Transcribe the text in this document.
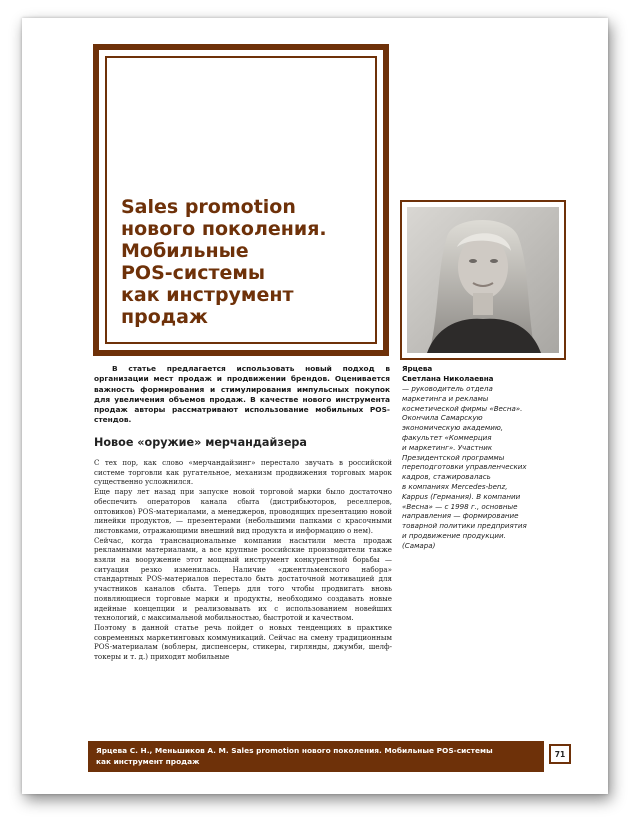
Sales promotion
нового поколения.
Мобильные
POS-системы
как инструмент
продаж

В статье предлагается использовать новый подход в организации мест продаж и продвижении брендов. Оценивается важность формирования и стимулирования импульсных покупок для увеличения объемов продаж. В качестве нового инструмента продаж авторы рассматривают использование мобильных POS-стендов.

Новое «оружие» мерчандайзера

С тех пор, как слово «мерчандайзинг» перестало звучать в российской системе торговли как ругательное, механизм продвижения торговых марок существенно усложнился.

Еще пару лет назад при запуске новой торговой марки было достаточно обеспечить операторов канала сбыта (дистрибьюторов, реселлеров, оптовиков) POS-материалами, а менеджеров, проводящих презентацию новой линейки продуктов, — презентерами (небольшими папками с красочными листовками, отражающими внешний вид продукта и информацию о нем).

Сейчас, когда транснациональные компании насытили места продаж рекламными материалами, а все крупные российские производители также взяли на вооружение этот мощный инструмент конкурентной борьбы — ситуация резко изменилась. Наличие «джентльменского набора» стандартных POS-материалов перестало быть достаточной мотивацией для участников каналов сбыта. Теперь для того чтобы продвигать вновь появляющиеся торговые марки и продукты, необходимо создавать новые идейные концепции и реализовывать их с использованием новейших технологий, с максимальной мобильностью, быстротой и качеством.

Поэтому в данной статье речь пойдет о новых тенденциях в практике современных маркетинговых коммуникаций. Сейчас на смену традиционным POS-материалам (воблеры, диспенсеры, стикеры, гирлянды, джумби, шелф-токеры и т. д.) приходят мобильные

Ярцева
Светлана Николаевна

— руководитель отдела
маркетинга и рекламы
косметической фирмы «Весна».
Окончила Самарскую
экономическую академию,
факультет «Коммерция
и маркетинг». Участник
Президентской программы
переподготовки управленческих
кадров, стажировалась
в компаниях Mercedes-benz,
Kappus (Германия). В компании
«Весна» — с 1998 г., основные
направления — формирование
товарной политики предприятия
и продвижение продукции.
(Самара)
Ярцева С. Н., Меньшиков А. М. Sales promotion нового поколения. Мобильные POS-системы
как инструмент продаж
71
